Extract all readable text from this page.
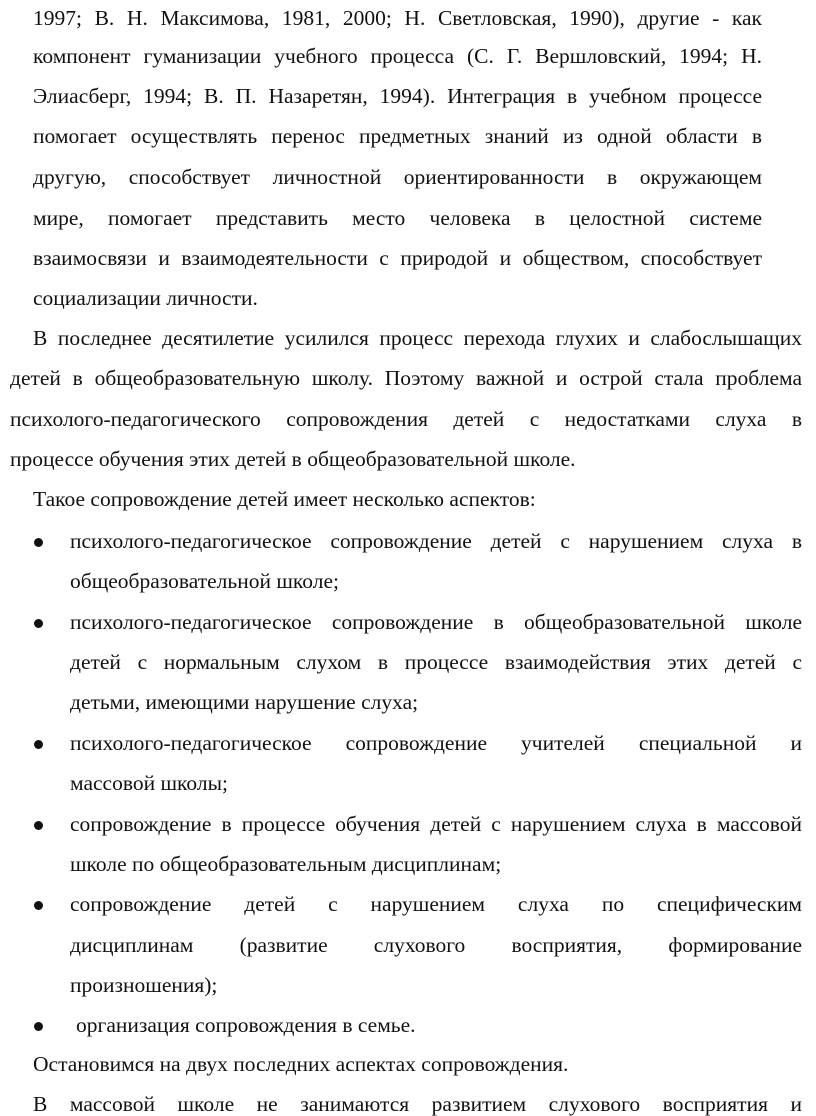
1997; В. Н. Максимова, 1981, 2000; Н. Светловская, 1990), другие - как
компонент гуманизации учебного процесса (С. Г. Вершловский, 1994; Н.
Элиасберг, 1994; В. П. Назаретян, 1994). Интеграция в учебном процессе
помогает осуществлять перенос предметных знаний из одной области в
другую, способствует личностной ориентированности в окружающем
мире, помогает представить место человека в целостной системе
взаимосвязи и взаимодеятельности с природой и обществом, способствует
социализации личности.
В последнее десятилетие усилился процесс перехода глухих и слабослышащих
детей в общеобразовательную школу. Поэтому важной и острой стала проблема
психолого-педагогического сопровождения детей с недостатками слуха в
процессе обучения этих детей в общеобразовательной школе.
Такое сопровождение детей имеет несколько аспектов:
психолого-педагогическое сопровождение детей с нарушением слуха в
общеобразовательной школе;
психолого-педагогическое сопровождение в общеобразовательной школе
детей с нормальным слухом в процессе взаимодействия этих детей с
детьми, имеющими нарушение слуха;
психолого-педагогическое сопровождение учителей специальной и
массовой школы;
сопровождение в процессе обучения детей с нарушением слуха в массовой
школе по общеобразовательным дисциплинам;
сопровождение детей с нарушением слуха по специфическим
дисциплинам (развитие слухового восприятия, формирование
произношения);
организация сопровождения в семье.
Остановимся на двух последних аспектах сопровождения.
В массовой школе не занимаются развитием слухового восприятия и
